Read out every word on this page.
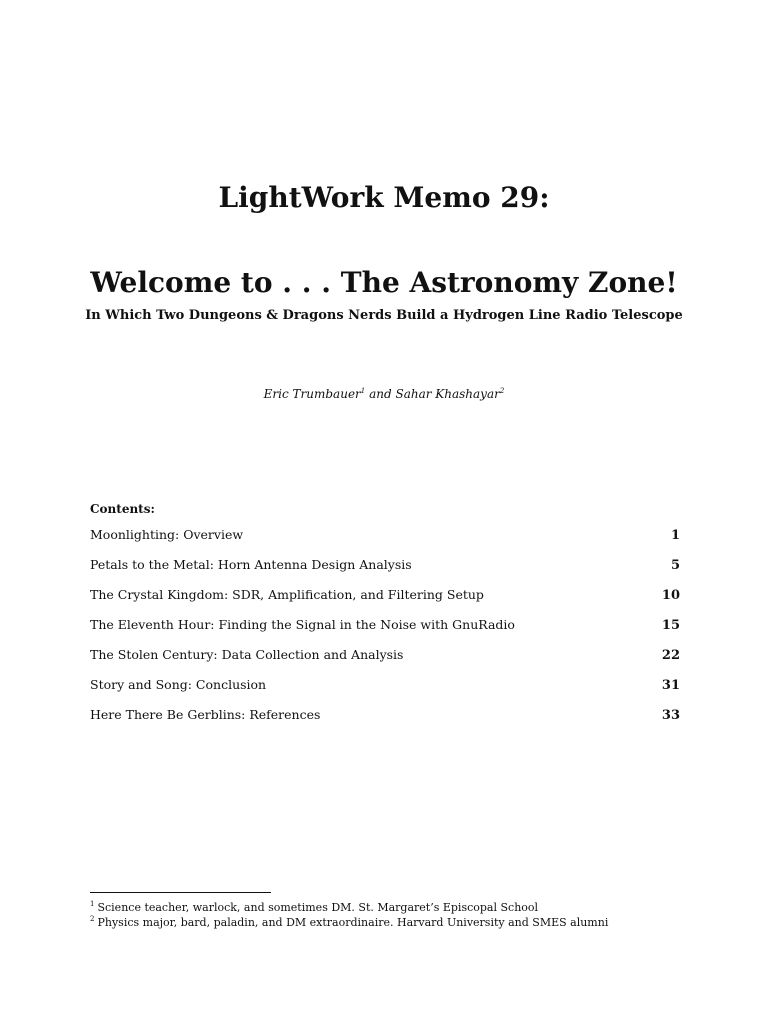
LightWork Memo 29:
Welcome to . . . The Astronomy Zone!
In Which Two Dungeons & Dragons Nerds Build a Hydrogen Line Radio Telescope
Eric Trumbauer$^1$ and Sahar Khashayar$^2$
Contents:
Moonlighting: Overview	1
Petals to the Metal: Horn Antenna Design Analysis	5
The Crystal Kingdom: SDR, Amplification, and Filtering Setup	10
The Eleventh Hour: Finding the Signal in the Noise with GnuRadio	15
The Stolen Century: Data Collection and Analysis	22
Story and Song: Conclusion	31
Here There Be Gerblins: References	33
$^1$ Science teacher, warlock, and sometimes DM. St. Margaret’s Episcopal School
$^2$ Physics major, bard, paladin, and DM extraordinaire. Harvard University and SMES alumni
